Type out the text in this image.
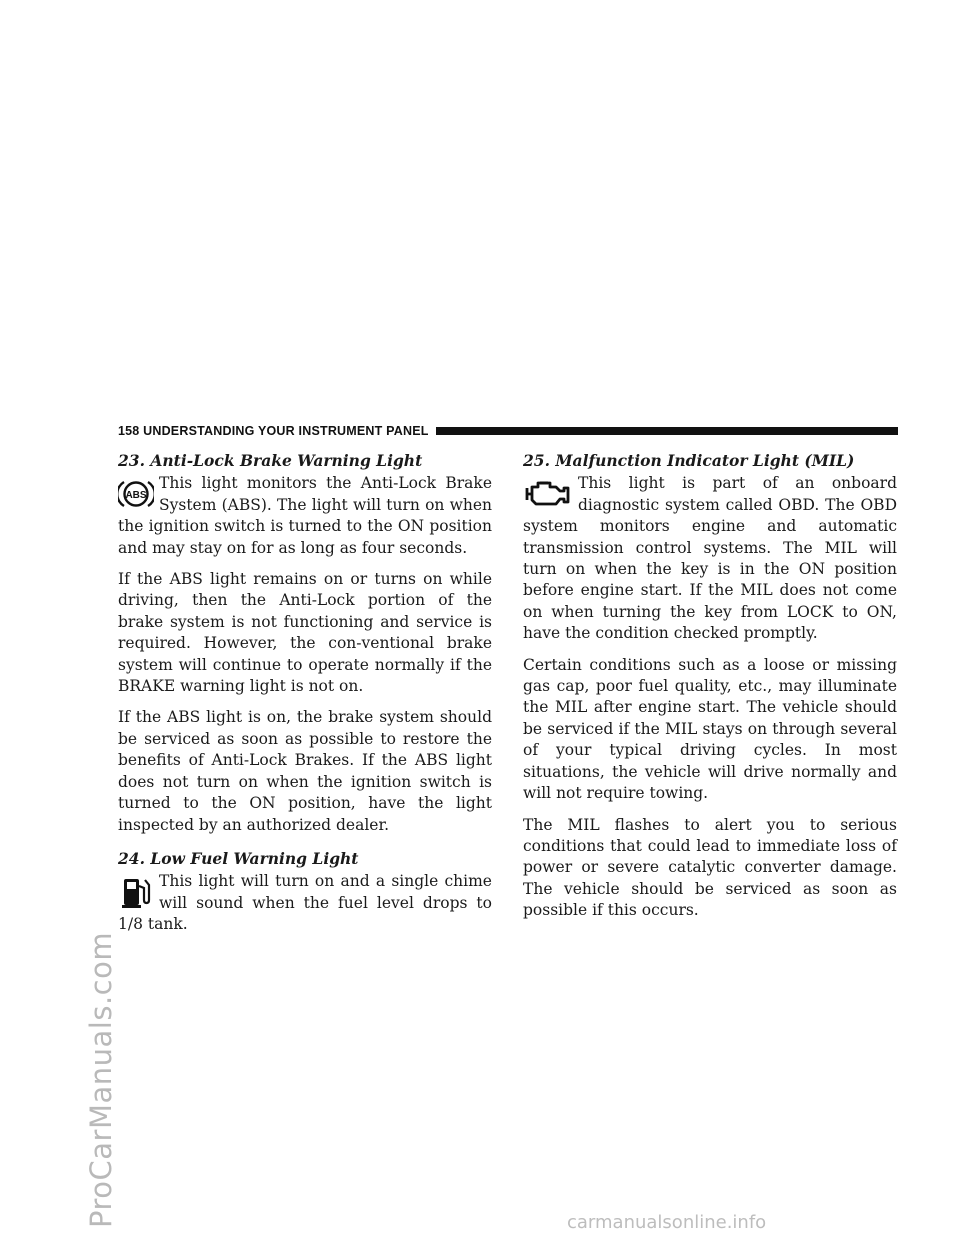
ProCarManuals.com	carmanualsonline.info
158 UNDERSTANDING YOUR INSTRUMENT PANEL
23. Anti-Lock Brake Warning Light
ABS
This light monitors the Anti-Lock Brake System (ABS). The light will turn on when the ignition switch is turned to the ON position and may stay on for as long as four seconds.

If the ABS light remains on or turns on while driving, then the Anti-Lock portion of the brake system is not functioning and service is required. However, the con-ventional brake system will continue to operate normally if the BRAKE warning light is not on.

If the ABS light is on, the brake system should be serviced as soon as possible to restore the benefits of Anti-Lock Brakes. If the ABS light does not turn on when the ignition switch is turned to the ON position, have the light inspected by an authorized dealer.

24. Low Fuel Warning Light
This light will turn on and a single chime will sound when the fuel level drops to 1/8 tank.
25. Malfunction Indicator Light (MIL)
This light is part of an onboard diagnostic system called OBD. The OBD system monitors engine and automatic transmission control systems. The MIL will turn on when the key is in the ON position before engine start. If the MIL does not come on when turning the key from LOCK to ON, have the condition checked promptly.

Certain conditions such as a loose or missing gas cap, poor fuel quality, etc., may illuminate the MIL after engine start. The vehicle should be serviced if the MIL stays on through several of your typical driving cycles. In most situations, the vehicle will drive normally and will not require towing.

The MIL flashes to alert you to serious conditions that could lead to immediate loss of power or severe catalytic converter damage. The vehicle should be serviced as soon as possible if this occurs.
